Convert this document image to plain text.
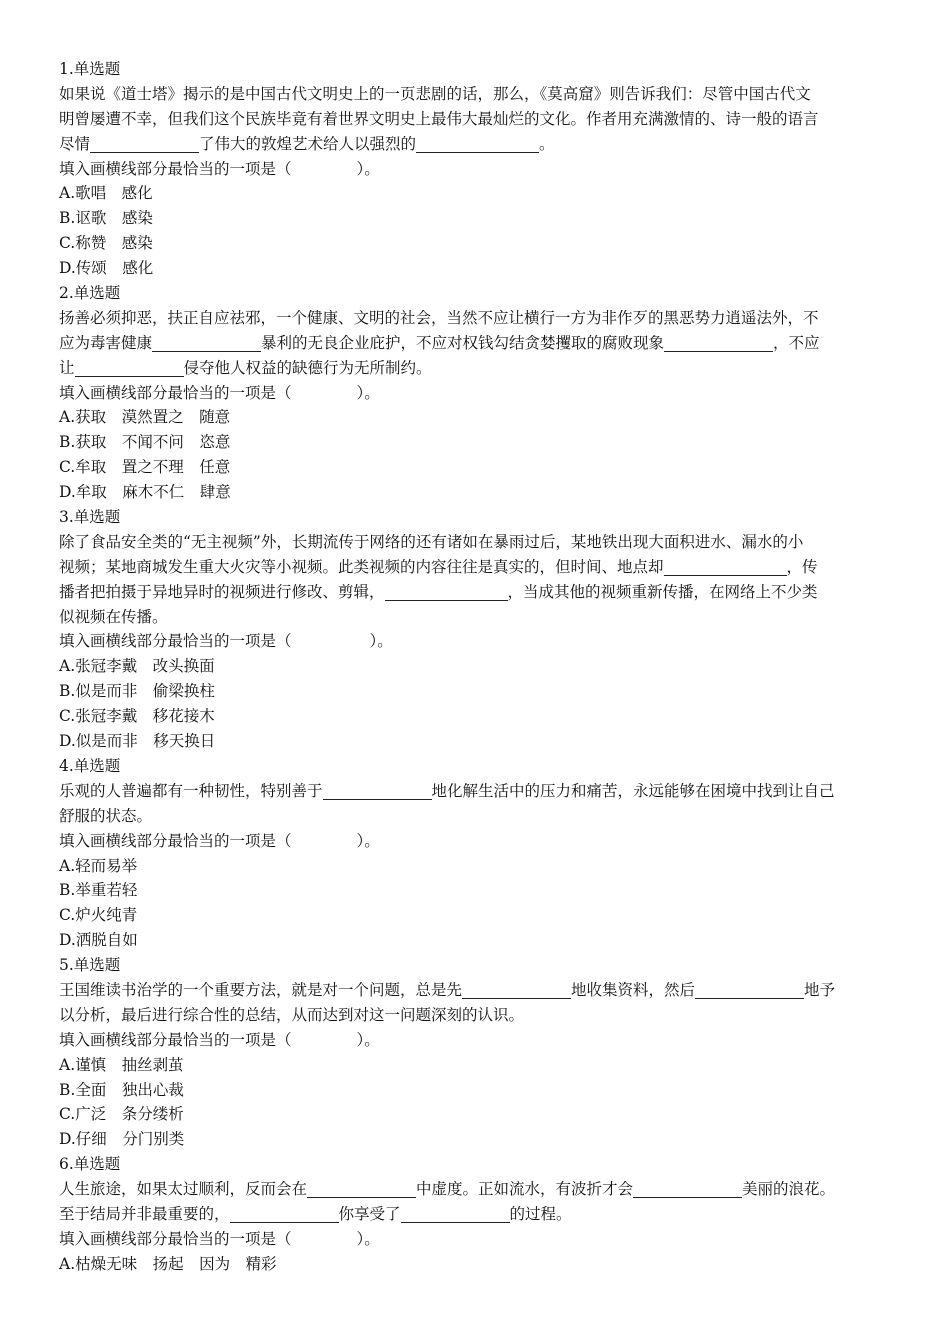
1.单选题
如果说《道士塔》揭示的是中国古代文明史上的一页悲剧的话，那么，《莫高窟》则告诉我们：尽管中国古代文
明曾屡遭不幸，但我们这个民族毕竟有着世界文明史上最伟大最灿烂的文化。作者用充满激情的、诗一般的语言
尽情	了伟大的敦煌艺术给人以强烈的	。
填入画横线部分最恰当的一项是（	）。
A.歌唱　感化
B.讴歌　感染
C.称赞　感染
D.传颂　感化
2.单选题
扬善必须抑恶，扶正自应祛邪，一个健康、文明的社会，当然不应让横行一方为非作歹的黑恶势力逍遥法外，不
应为毒害健康	暴利的无良企业庇护，不应对权钱勾结贪婪攫取的腐败现象	，不应
让	侵夺他人权益的缺德行为无所制约。
填入画横线部分最恰当的一项是（	）。
A.获取　漠然置之　随意
B.获取　不闻不问　恣意
C.牟取　置之不理　任意
D.牟取　麻木不仁　肆意
3.单选题
除了食品安全类的“无主视频”外，长期流传于网络的还有诸如在暴雨过后，某地铁出现大面积进水、漏水的小
视频；某地商城发生重大火灾等小视频。此类视频的内容往往是真实的，但时间、地点却	，传
播者把拍摄于异地异时的视频进行修改、剪辑，	，当成其他的视频重新传播，在网络上不少类
似视频在传播。
填入画横线部分最恰当的一项是（	）。
A.张冠李戴　改头换面
B.似是而非　偷梁换柱
C.张冠李戴　移花接木
D.似是而非　移天换日
4.单选题
乐观的人普遍都有一种韧性，特别善于	地化解生活中的压力和痛苦，永远能够在困境中找到让自己
舒服的状态。
填入画横线部分最恰当的一项是（	）。
A.轻而易举
B.举重若轻
C.炉火纯青
D.洒脱自如
5.单选题
王国维读书治学的一个重要方法，就是对一个问题，总是先	地收集资料，然后	地予
以分析，最后进行综合性的总结，从而达到对这一问题深刻的认识。
填入画横线部分最恰当的一项是（	）。
A.谨慎　抽丝剥茧
B.全面　独出心裁
C.广泛　条分缕析
D.仔细　分门别类
6.单选题
人生旅途，如果太过顺利，反而会在	中虚度。正如流水，有波折才会	美丽的浪花。
至于结局并非最重要的，	你享受了	的过程。
填入画横线部分最恰当的一项是（	）。
A.枯燥无味　扬起　因为　精彩
